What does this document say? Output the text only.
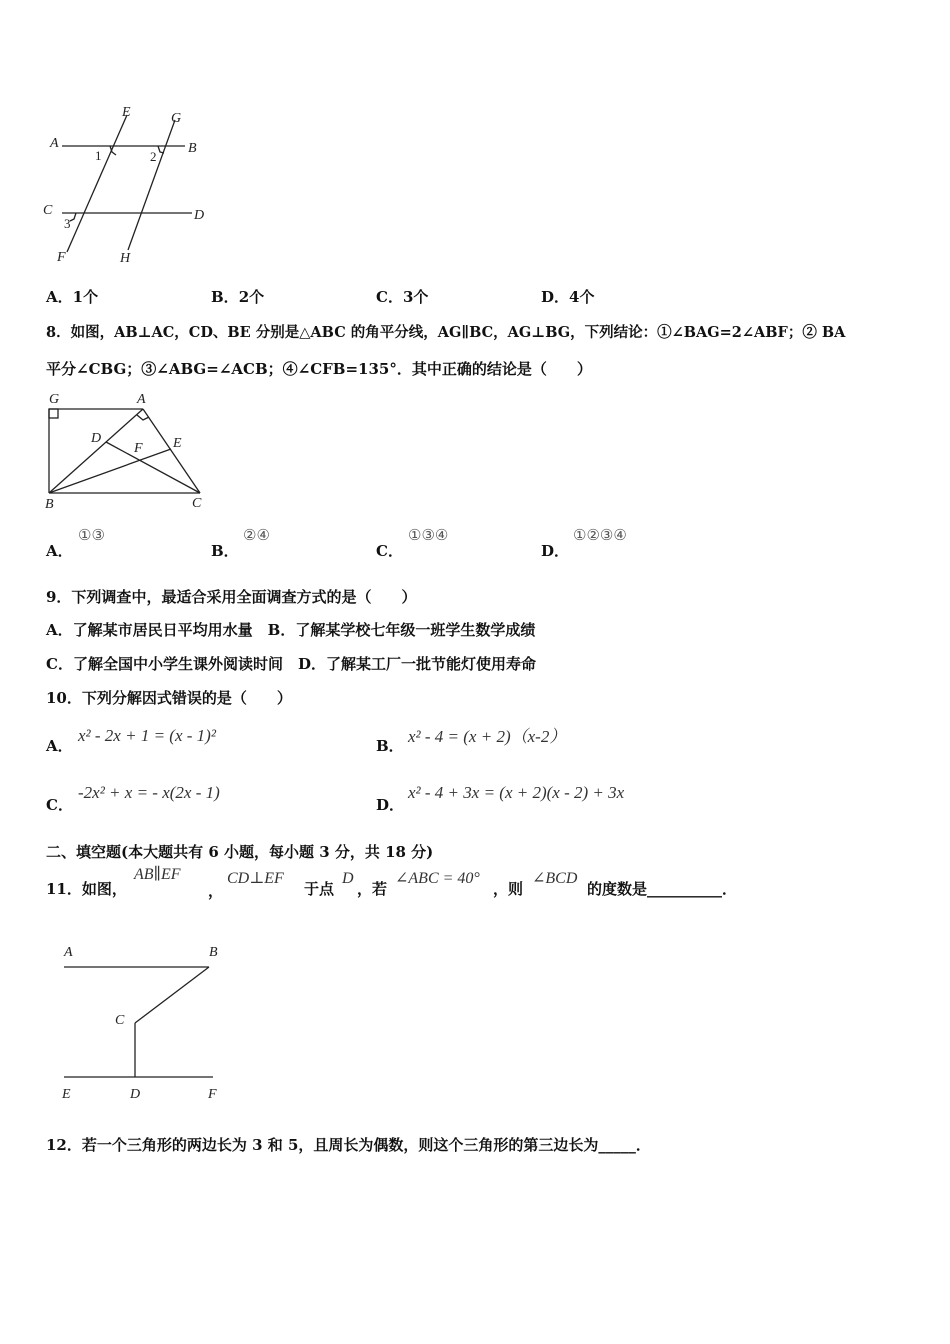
A	B
C	D
E
F
G
H
1	2
3
A．1个	B．2个	C．3个	D．4个
8．如图，AB⊥AC，CD、BE 分别是△ABC 的角平分线，AG∥BC，AG⊥BG，下列结论：①∠BAG=2∠ABF；② BA
平分∠CBG；③∠ABG=∠ACB；④∠CFB=135°．其中正确的结论是（　　）
G	A
D	E
F
B	C
A．
①③
B．
②④
C．
①③④
D．
①②③④
9．下列调查中，最适合采用全面调查方式的是（　　）
A．了解某市居民日平均用水量　B．了解某学校七年级一班学生数学成绩
C．了解全国中小学生课外阅读时间　D．了解某工厂一批节能灯使用寿命
10．下列分解因式错误的是（　　）
A．
x² - 2x + 1 = (x - 1)²
B． x² - 4 = (x + 2)（x-2）
C．
-2x² + x = - x(2x - 1)
D．
x² - 4 + 3x = (x + 2)(x - 2) + 3x
二、填空题(本大题共有 6 小题，每小题 3 分，共 18 分)
11．如图，
AB∥EF
，
CD⊥EF
于点
D
，若
∠ABC = 40°
，则
∠BCD
的度数是__________．
A	B
C
D
E	F
12．若一个三角形的两边长为 3 和 5，且周长为偶数，则这个三角形的第三边长为_____．
